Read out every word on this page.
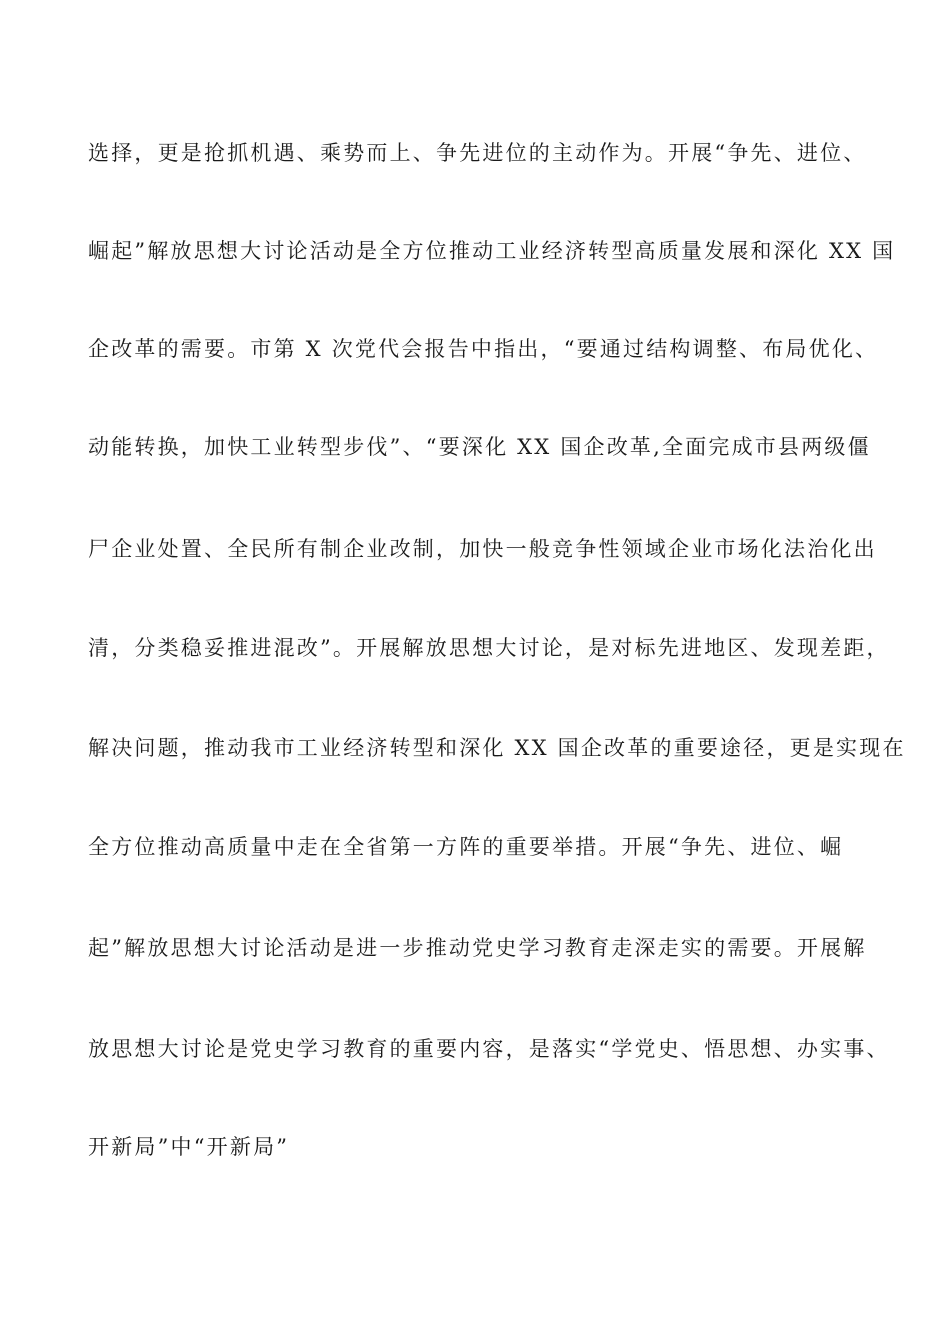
选择，更是抢抓机遇、乘势而上、争先进位的主动作为。开展“争先、进位、
崛起”解放思想大讨论活动是全方位推动工业经济转型高质量发展和深化 XX 国
企改革的需要。市第 X 次党代会报告中指出，“要通过结构调整、布局优化、
动能转换，加快工业转型步伐”、“要深化 XX 国企改革,全面完成市县两级僵
尸企业处置、全民所有制企业改制，加快一般竞争性领域企业市场化法治化出
清，分类稳妥推进混改”。开展解放思想大讨论，是对标先进地区、发现差距，
解决问题，推动我市工业经济转型和深化 XX 国企改革的重要途径，更是实现在
全方位推动高质量中走在全省第一方阵的重要举措。开展“争先、进位、崛
起”解放思想大讨论活动是进一步推动党史学习教育走深走实的需要。开展解
放思想大讨论是党史学习教育的重要内容，是落实“学党史、悟思想、办实事、
开新局”中“开新局”
